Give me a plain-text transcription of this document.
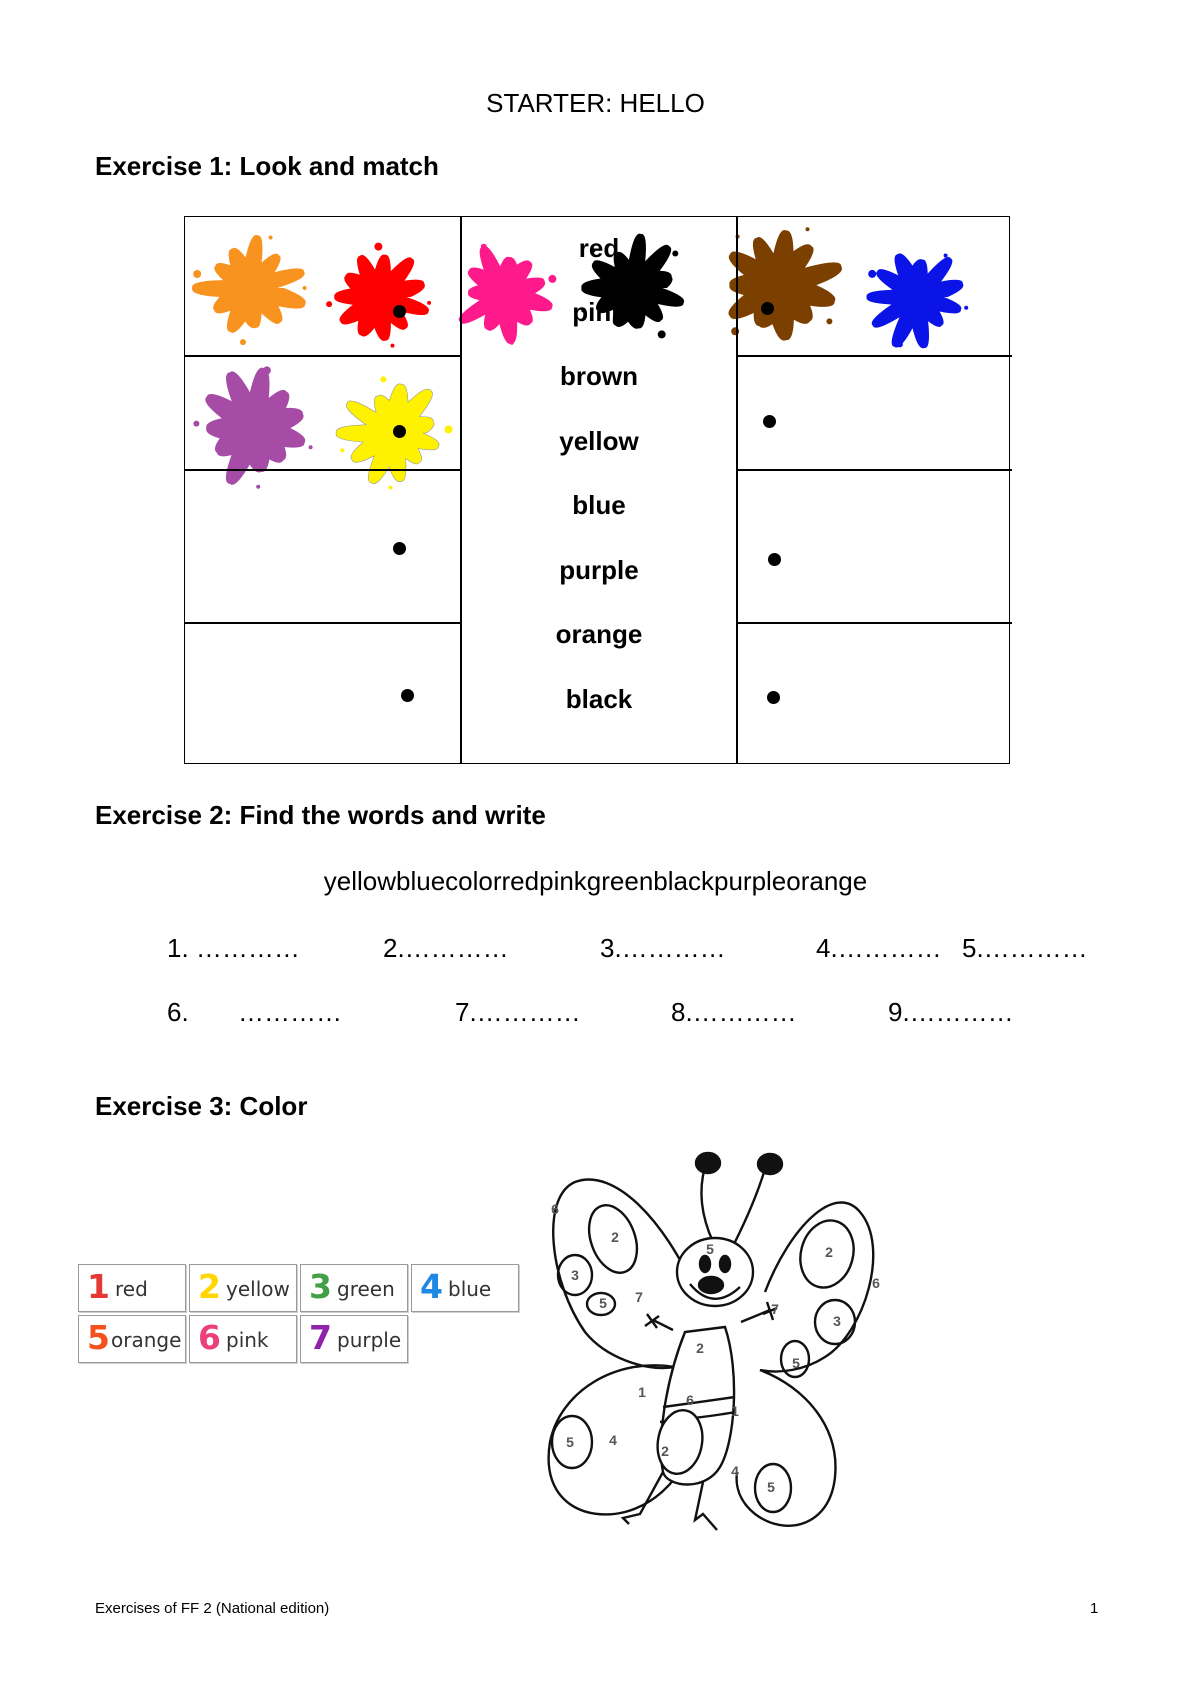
STARTER: HELLO
Exercise 1: Look and match

red
pink
brown
yellow
blue
purple
orange
black

Exercise 2: Find the words and write
yellowbluecolorredpinkgreenblackpurpleorange
1. …………	2.…………	3.…………	4.………… 5.…………
6. …………	7.…………	8.…………	9.…………
Exercise 3: Color
1 red 2 yellow 3 green 4 blue
5 orange 6 pink 7 purple
6
2
3
5
6
2
3
5
5
7
7
2
6
2
1
5	4
1
5
4
Exercises of FF 2 (National edition)	1
